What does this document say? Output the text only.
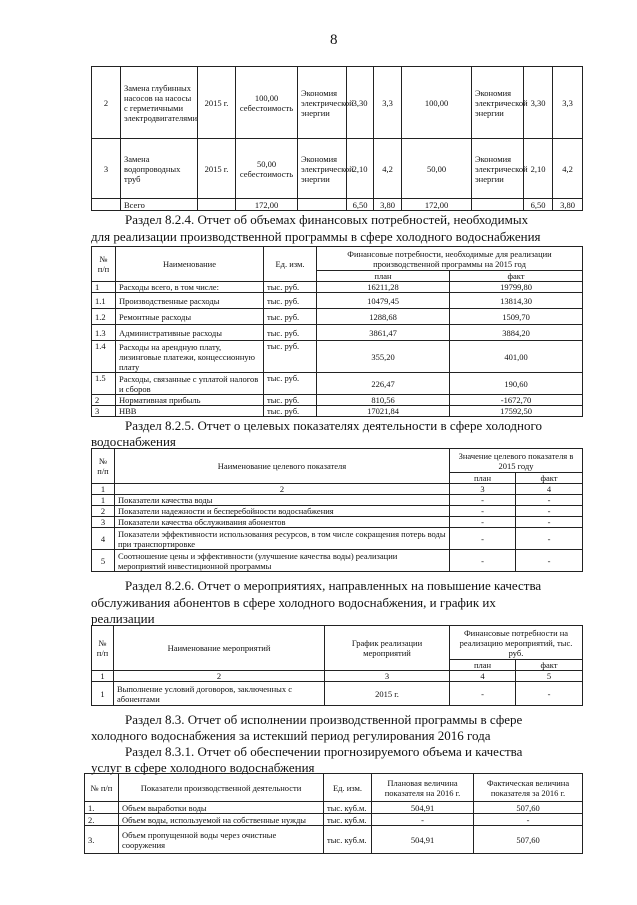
8
2	Замена глубинных насосов на насосы с герметичными электродвигателями	2015 г.	100,00 себестоимость	Экономия электрической энергии	3,30	3,3	100,00	Экономия электрической энергии	3,30	3,3
3	Замена водопроводных труб	2015 г.	50,00 себестоимость	Экономия электрической энергии	2,10	4,2	50,00	Экономия электрической энергии	2,10	4,2
	Всего		172,00		6,50	3,80	172,00		6,50	3,80
Раздел 8.2.4. Отчет об объемах финансовых потребностей, необходимых
для реализации производственной программы в сфере холодного водоснабжения
№ п/п	Наименование	Ед. изм.	Финансовые потребности, необходимые для реализации производственной программы на 2015 год	
			план	факт
1	Расходы всего, в том числе:	тыс. руб.	16211,28	19799,80
1.1	Производственные расходы	тыс. руб.	10479,45	13814,30
1.2	Ремонтные расходы	тыс. руб.	1288,68	1509,70
1.3	Административные расходы	тыс. руб.	3861,47	3884,20
1.4	Расходы на арендную плату, лизинговые платежи, концессионную плату	тыс. руб.	355,20	401,00
1.5	Расходы, связанные с уплатой налогов и сборов	тыс. руб.	226,47	190,60
2	Нормативная прибыль	тыс. руб.	810,56	-1672,70
3	НВВ	тыс. руб.	17021,84	17592,50
Раздел 8.2.5. Отчет о целевых показателях деятельности в сфере холодного
водоснабжения
№ п/п	Наименование целевого показателя	Значение целевого показателя в 2015 году	
		план	факт
1	2	3	4
1	Показатели качества воды	-	-
2	Показатели надежности и бесперебойности водоснабжения	-	-
3	Показатели качества обслуживания абонентов	-	-
4	Показатели эффективности использования ресурсов, в том числе сокращения потерь воды при транспортировке	-	-
5	Соотношение цены и эффективности (улучшение качества воды) реализации мероприятий инвестиционной программы	-	-
Раздел 8.2.6. Отчет о мероприятиях, направленных на повышение качества
обслуживания абонентов в сфере холодного водоснабжения, и график их
реализации
№ п/п	Наименование мероприятий	График реализации мероприятий	Финансовые потребности на реализацию мероприятий, тыс. руб.	
			план	факт
1	2	3	4	5
1	Выполнение условий договоров, заключенных с абонентами	2015 г.	-	-
Раздел 8.3. Отчет об исполнении производственной программы в сфере
холодного водоснабжения за истекший период регулирования 2016 года
Раздел 8.3.1. Отчет об обеспечении прогнозируемого объема и качества
услуг в сфере холодного водоснабжения
№ п/п	Показатели производственной деятельности	Ед. изм.	Плановая величина показателя на 2016 г.	Фактическая величина показателя за 2016 г.
1.	Объем выработки воды	тыс. куб.м.	504,91	507,60
2.	Объем воды, используемой на собственные нужды	тыс. куб.м.	-	-
3.	Объем пропущенной воды через очистные сооружения	тыс. куб.м.	504,91	507,60
